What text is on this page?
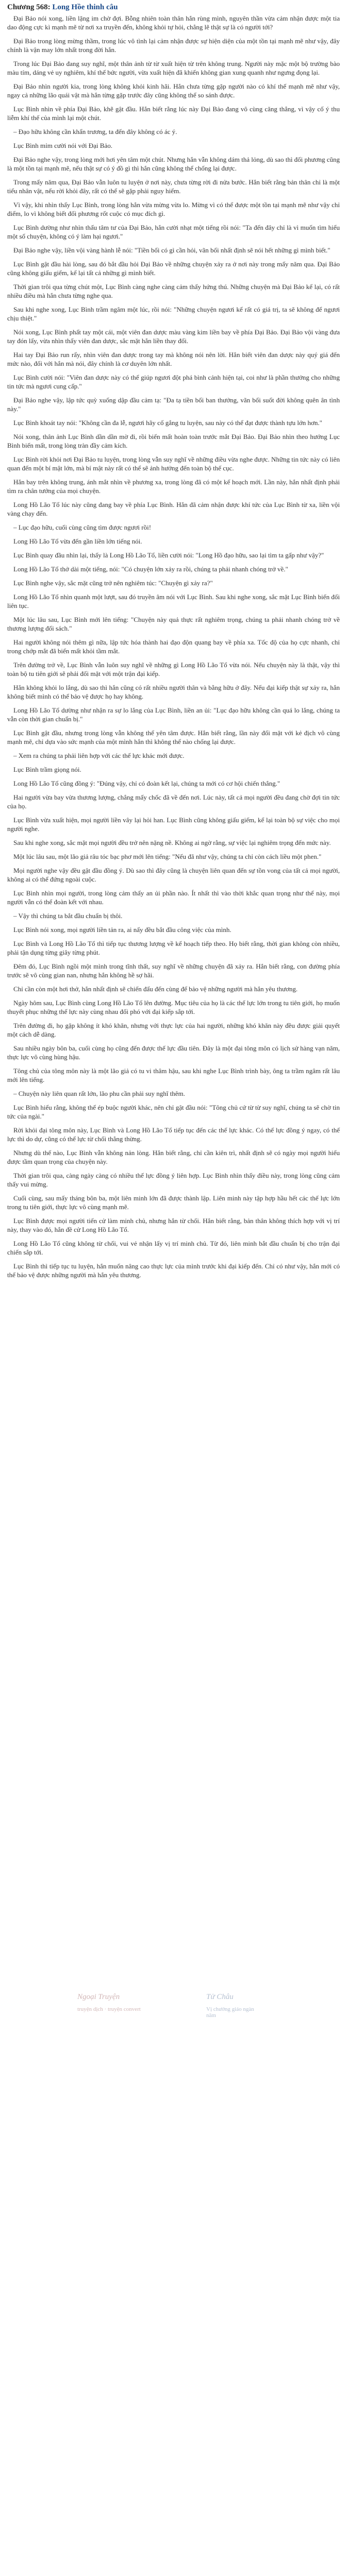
Chương 568: Long Hồe thinh câu

Đại Bảo nói xong, liền lặng im chờ đợi. Bỗng nhiên toàn thân hắn rùng mình, nguyên thần vừa cảm nhận được một tia dao động cực kì mạnh mẽ từ nơi xa truyền đến, không khỏi tự hỏi, chẳng lẽ thật sự là có người tới?

Đại Bảo trong lòng mừng thầm, trong lúc vô tình lại cảm nhận được sự hiện diện của một tồn tại mạnh mẽ như vậy, đây chính là vận may lớn nhất trong đời hắn.

Trong lúc Đại Bảo đang suy nghĩ, một thân ảnh từ từ xuất hiện từ trên không trung. Người này mặc một bộ trường bào màu tím, dáng vẻ uy nghiêm, khí thế bức người, vừa xuất hiện đã khiến không gian xung quanh như ngưng đọng lại.

Đại Bảo nhìn người kia, trong lòng không khỏi kinh hãi. Hắn chưa từng gặp người nào có khí thế mạnh mẽ như vậy, ngay cả những lão quái vật mà hắn từng gặp trước đây cũng không thể so sánh được.

Lục Bình nhìn về phía Đại Bảo, khẽ gật đầu. Hắn biết rằng lúc này Đại Bảo đang vô cùng căng thẳng, vì vậy cố ý thu liễm khí thế của mình lại một chút.

– Đạo hữu không cần khẩn trương, ta đến đây không có ác ý.

Lục Bình mỉm cười nói với Đại Bảo.

Đại Bảo nghe vậy, trong lòng mới hơi yên tâm một chút. Nhưng hắn vẫn không dám thả lỏng, dù sao thì đối phương cũng là một tồn tại mạnh mẽ, nếu thật sự có ý đồ gì thì hắn cũng không thể chống lại được.

Trong mấy năm qua, Đại Bảo vẫn luôn tu luyện ở nơi này, chưa từng rời đi nửa bước. Hắn biết rằng bản thân chỉ là một tiểu nhân vật, nếu rời khỏi đây, rất có thể sẽ gặp phải nguy hiểm.

Vì vậy, khi nhìn thấy Lục Bình, trong lòng hắn vừa mừng vừa lo. Mừng vì có thể được một tồn tại mạnh mẽ như vậy chỉ điểm, lo vì không biết đối phương rốt cuộc có mục đích gì.

Lục Bình dường như nhìn thấu tâm tư của Đại Bảo, hắn cười nhạt một tiếng rồi nói: "Ta đến đây chỉ là vì muốn tìm hiểu một số chuyện, không có ý làm hại ngươi."

Đại Bảo nghe vậy, liền vội vàng hành lễ nói: "Tiền bối có gì cần hỏi, vãn bối nhất định sẽ nói hết những gì mình biết."

Lục Bình gật đầu hài lòng, sau đó bắt đầu hỏi Đại Bảo về những chuyện xảy ra ở nơi này trong mấy năm qua. Đại Bảo cũng không giấu giếm, kể lại tất cả những gì mình biết.

Thời gian trôi qua từng chút một, Lục Bình càng nghe càng cảm thấy hứng thú. Những chuyện mà Đại Bảo kể lại, có rất nhiều điều mà hắn chưa từng nghe qua.

Sau khi nghe xong, Lục Bình trầm ngâm một lúc, rồi nói: "Những chuyện ngươi kể rất có giá trị, ta sẽ không để ngươi chịu thiệt."

Nói xong, Lục Bình phất tay một cái, một viên đan dược màu vàng kim liền bay về phía Đại Bảo. Đại Bảo vội vàng đưa tay đón lấy, vừa nhìn thấy viên đan dược, sắc mặt hắn liền thay đổi.

Hai tay Đại Bảo run rẩy, nhìn viên đan dược trong tay mà không nói nên lời. Hắn biết viên đan dược này quý giá đến mức nào, đối với hắn mà nói, đây chính là cơ duyên lớn nhất.

Lục Bình cười nói: "Viên đan dược này có thể giúp ngươi đột phá bình cảnh hiện tại, coi như là phần thưởng cho những tin tức mà ngươi cung cấp."

Đại Bảo nghe vậy, lập tức quỳ xuống dập đầu cảm tạ: "Đa tạ tiền bối ban thưởng, vãn bối suốt đời không quên ân tình này."

Lục Bình khoát tay nói: "Không cần đa lễ, ngươi hãy cố gắng tu luyện, sau này có thể đạt được thành tựu lớn hơn."

Nói xong, thân ảnh Lục Bình dần dần mờ đi, rồi biến mất hoàn toàn trước mắt Đại Bảo. Đại Bảo nhìn theo hướng Lục Bình biến mất, trong lòng tràn đầy cảm kích.

Lục Bình rời khỏi nơi Đại Bảo tu luyện, trong lòng vẫn suy nghĩ về những điều vừa nghe được. Những tin tức này có liên quan đến một bí mật lớn, mà bí mật này rất có thể sẽ ảnh hưởng đến toàn bộ thế cục.

Hắn bay trên không trung, ánh mắt nhìn về phương xa, trong lòng đã có một kế hoạch mới. Lần này, hắn nhất định phải tìm ra chân tướng của mọi chuyện.

Long Hồ Lão Tổ lúc này cũng đang bay về phía Lục Bình. Hắn đã cảm nhận được khí tức của Lục Bình từ xa, liền vội vàng chạy đến.

– Lục đạo hữu, cuối cùng cũng tìm được ngươi rồi!

Long Hồ Lão Tổ vừa đến gần liền lớn tiếng nói.

Lục Bình quay đầu nhìn lại, thấy là Long Hồ Lão Tổ, liền cười nói: "Long Hồ đạo hữu, sao lại tìm ta gấp như vậy?"

Long Hồ Lão Tổ thở dài một tiếng, nói: "Có chuyện lớn xảy ra rồi, chúng ta phải nhanh chóng trở về."

Lục Bình nghe vậy, sắc mặt cũng trở nên nghiêm túc: "Chuyện gì xảy ra?"

Long Hồ Lão Tổ nhìn quanh một lượt, sau đó truyền âm nói với Lục Bình. Sau khi nghe xong, sắc mặt Lục Bình biến đổi liên tục.

Một lúc lâu sau, Lục Bình mới lên tiếng: "Chuyện này quả thực rất nghiêm trọng, chúng ta phải nhanh chóng trở về thương lượng đối sách."

Hai người không nói thêm gì nữa, lập tức hóa thành hai đạo độn quang bay về phía xa. Tốc độ của họ cực nhanh, chỉ trong chớp mắt đã biến mất khỏi tầm mắt.

Trên đường trở về, Lục Bình vẫn luôn suy nghĩ về những gì Long Hồ Lão Tổ vừa nói. Nếu chuyện này là thật, vậy thì toàn bộ tu tiên giới sẽ phải đối mặt với một trận đại kiếp.

Hắn không khỏi lo lắng, dù sao thì hắn cũng có rất nhiều người thân và bằng hữu ở đây. Nếu đại kiếp thật sự xảy ra, hắn không biết mình có thể bảo vệ được họ hay không.

Long Hồ Lão Tổ dường như nhận ra sự lo lắng của Lục Bình, liền an ủi: "Lục đạo hữu không cần quá lo lắng, chúng ta vẫn còn thời gian chuẩn bị."

Lục Bình gật đầu, nhưng trong lòng vẫn không thể yên tâm được. Hắn biết rằng, lần này đối mặt với kẻ địch vô cùng mạnh mẽ, chỉ dựa vào sức mạnh của một mình hắn thì không thể nào chống lại được.

– Xem ra chúng ta phải liên hợp với các thế lực khác mới được.

Lục Bình trầm giọng nói.

Long Hồ Lão Tổ cũng đồng ý: "Đúng vậy, chỉ có đoàn kết lại, chúng ta mới có cơ hội chiến thắng."

Hai người vừa bay vừa thương lượng, chẳng mấy chốc đã về đến nơi. Lúc này, tất cả mọi người đều đang chờ đợi tin tức của họ.

Lục Bình vừa xuất hiện, mọi người liền vây lại hỏi han. Lục Bình cũng không giấu giếm, kể lại toàn bộ sự việc cho mọi người nghe.

Sau khi nghe xong, sắc mặt mọi người đều trở nên nặng nề. Không ai ngờ rằng, sự việc lại nghiêm trọng đến mức này.

Một lúc lâu sau, một lão giả râu tóc bạc phơ mới lên tiếng: "Nếu đã như vậy, chúng ta chỉ còn cách liều một phen."

Mọi người nghe vậy đều gật đầu đồng ý. Dù sao thì đây cũng là chuyện liên quan đến sự tồn vong của tất cả mọi người, không ai có thể đứng ngoài cuộc.

Lục Bình nhìn mọi người, trong lòng cảm thấy an ủi phần nào. Ít nhất thì vào thời khắc quan trọng như thế này, mọi người vẫn có thể đoàn kết với nhau.

– Vậy thì chúng ta bắt đầu chuẩn bị thôi.

Lục Bình nói xong, mọi người liền tản ra, ai nấy đều bắt đầu công việc của mình.

Lục Bình và Long Hồ Lão Tổ thì tiếp tục thương lượng về kế hoạch tiếp theo. Họ biết rằng, thời gian không còn nhiều, phải tận dụng từng giây từng phút.

Đêm đó, Lục Bình ngồi một mình trong tĩnh thất, suy nghĩ về những chuyện đã xảy ra. Hắn biết rằng, con đường phía trước sẽ vô cùng gian nan, nhưng hắn không hề sợ hãi.

Chỉ cần còn một hơi thở, hắn nhất định sẽ chiến đấu đến cùng để bảo vệ những người mà hắn yêu thương.

Ngày hôm sau, Lục Bình cùng Long Hồ Lão Tổ lên đường. Mục tiêu của họ là các thế lực lớn trong tu tiên giới, họ muốn thuyết phục những thế lực này cùng nhau đối phó với đại kiếp sắp tới.

Trên đường đi, họ gặp không ít khó khăn, nhưng với thực lực của hai người, những khó khăn này đều được giải quyết một cách dễ dàng.

Sau nhiều ngày bôn ba, cuối cùng họ cũng đến được thế lực đầu tiên. Đây là một đại tông môn có lịch sử hàng vạn năm, thực lực vô cùng hùng hậu.

Tông chủ của tông môn này là một lão giả có tu vi thâm hậu, sau khi nghe Lục Bình trình bày, ông ta trầm ngâm rất lâu mới lên tiếng.

– Chuyện này liên quan rất lớn, lão phu cần phải suy nghĩ thêm.

Lục Bình hiểu rằng, không thể ép buộc người khác, nên chỉ gật đầu nói: "Tông chủ cứ từ từ suy nghĩ, chúng ta sẽ chờ tin tức của ngài."

Rời khỏi đại tông môn này, Lục Bình và Long Hồ Lão Tổ tiếp tục đến các thế lực khác. Có thế lực đồng ý ngay, có thế lực thì do dự, cũng có thế lực từ chối thẳng thừng.

Nhưng dù thế nào, Lục Bình vẫn không nản lòng. Hắn biết rằng, chỉ cần kiên trì, nhất định sẽ có ngày mọi người hiểu được tầm quan trọng của chuyện này.

Thời gian trôi qua, càng ngày càng có nhiều thế lực đồng ý liên hợp. Lục Bình nhìn thấy điều này, trong lòng cũng cảm thấy vui mừng.

Cuối cùng, sau mấy tháng bôn ba, một liên minh lớn đã được thành lập. Liên minh này tập hợp hầu hết các thế lực lớn trong tu tiên giới, thực lực vô cùng mạnh mẽ.

Lục Bình được mọi người tiến cử làm minh chủ, nhưng hắn từ chối. Hắn biết rằng, bản thân không thích hợp với vị trí này, thay vào đó, hắn đề cử Long Hồ Lão Tổ.

Long Hồ Lão Tổ cũng không từ chối, vui vẻ nhận lấy vị trí minh chủ. Từ đó, liên minh bắt đầu chuẩn bị cho trận đại chiến sắp tới.

Lục Bình thì tiếp tục tu luyện, hắn muốn nâng cao thực lực của mình trước khi đại kiếp đến. Chỉ có như vậy, hắn mới có thể bảo vệ được những người mà hắn yêu thương.

Ngoại Truyện
truyện dịch · truyện convert
Tử Châu
Vị chưởng giáo ngàn năm
